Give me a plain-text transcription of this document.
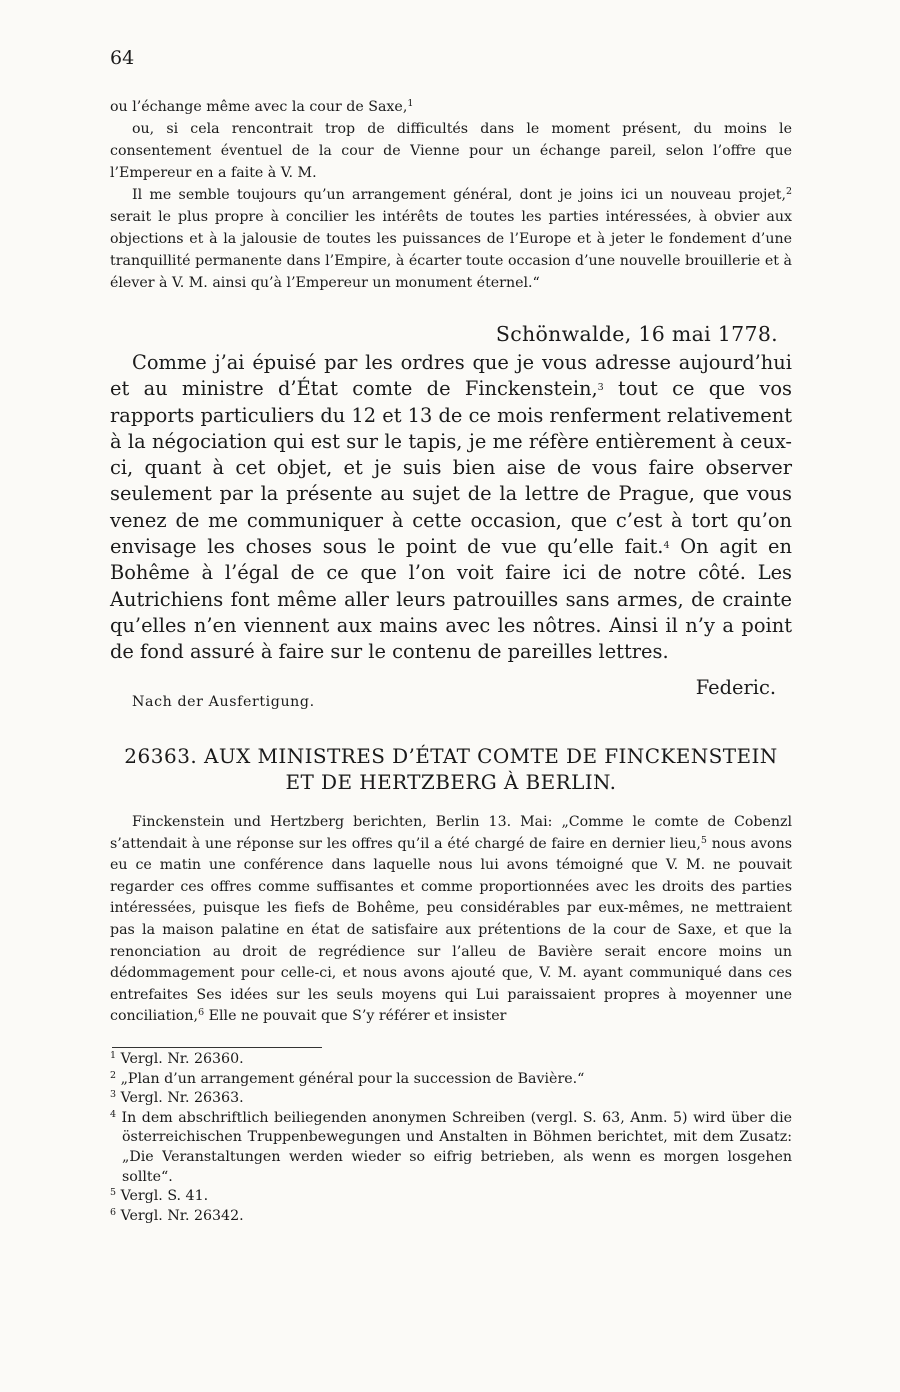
64

ou l’échange même avec la cour de Saxe,$^1$

ou, si cela rencontrait trop de difficultés dans le moment présent, du moins le consentement éventuel de la cour de Vienne pour un échange pareil, selon l’offre que l’Empereur en a faite à V. M.

Il me semble toujours qu’un arrangement général, dont je joins ici un nouveau projet,$^2$ serait le plus propre à concilier les intérêts de toutes les parties intéressées, à obvier aux objections et à la jalousie de toutes les puissances de l’Europe et à jeter le fondement d’une tranquillité permanente dans l’Empire, à écarter toute occasion d’une nouvelle brouillerie et à élever à V. M. ainsi qu’à l’Empereur un monument éternel.“

Schönwalde, 16 mai 1778.

Comme j’ai épuisé par les ordres que je vous adresse aujourd’hui et au ministre d’État comte de Finckenstein,$^3$ tout ce que vos rapports particuliers du 12 et 13 de ce mois renferment relativement à la négociation qui est sur le tapis, je me réfère entièrement à ceux-ci, quant à cet objet, et je suis bien aise de vous faire observer seulement par la présente au sujet de la lettre de Prague, que vous venez de me communiquer à cette occasion, que c’est à tort qu’on envisage les choses sous le point de vue qu’elle fait.$^4$ On agit en Bohême à l’égal de ce que l’on voit faire ici de notre côté. Les Autrichiens font même aller leurs patrouilles sans armes, de crainte qu’elles n’en viennent aux mains avec les nôtres. Ainsi il n’y a point de fond assuré à faire sur le contenu de pareilles lettres.

Federic.
Nach der Ausfertigung.
26363. AUX MINISTRES D’ÉTAT COMTE DE FINCKENSTEIN
ET DE HERTZBERG À BERLIN.

Finckenstein und Hertzberg berichten, Berlin 13. Mai: „Comme le comte de Cobenzl s’attendait à une réponse sur les offres qu’il a été chargé de faire en dernier lieu,$^5$ nous avons eu ce matin une conférence dans laquelle nous lui avons témoigné que V. M. ne pouvait regarder ces offres comme suffisantes et comme proportionnées avec les droits des parties intéressées, puisque les fiefs de Bohême, peu considérables par eux-mêmes, ne mettraient pas la maison palatine en état de satisfaire aux prétentions de la cour de Saxe, et que la renonciation au droit de regrédience sur l’alleu de Bavière serait encore moins un dédommagement pour celle-ci, et nous avons ajouté que, V. M. ayant communiqué dans ces entrefaites Ses idées sur les seuls moyens qui Lui paraissaient propres à moyenner une conciliation,$^6$ Elle ne pouvait que S’y référer et insister

$^1$ Vergl. Nr. 26360.

$^2$ „Plan d’un arrangement général pour la succession de Bavière.“

$^3$ Vergl. Nr. 26363.

$^4$ In dem abschriftlich beiliegenden anonymen Schreiben (vergl. S. 63, Anm. 5) wird über die österreichischen Truppenbewegungen und Anstalten in Böhmen berichtet, mit dem Zusatz: „Die Veranstaltungen werden wieder so eifrig betrieben, als wenn es morgen losgehen sollte“.

$^5$ Vergl. S. 41.

$^6$ Vergl. Nr. 26342.
